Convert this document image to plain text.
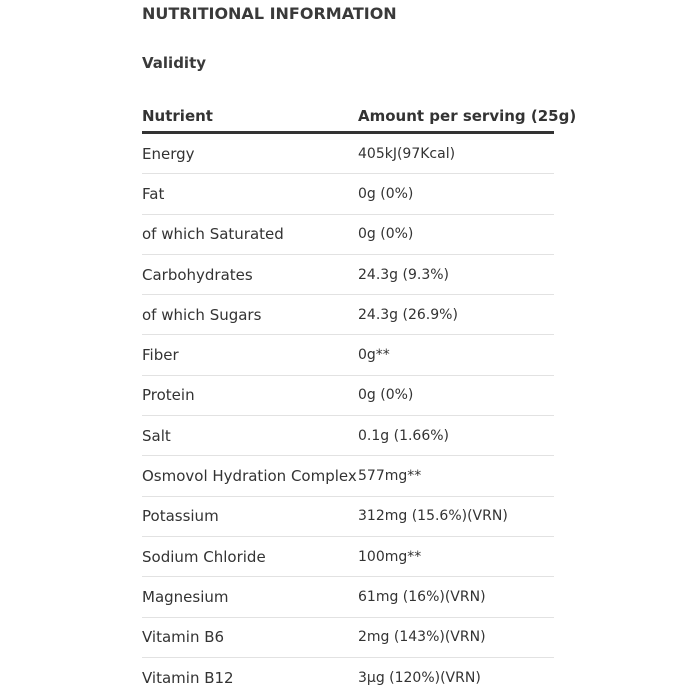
NUTRITIONAL INFORMATION
Validity
Nutrient	Amount per serving (25g)
Energy	405kJ(97Kcal)
Fat	0g (0%)
of which Saturated	0g (0%)
Carbohydrates	24.3g (9.3%)
of which Sugars	24.3g (26.9%)
Fiber	0g**
Protein	0g (0%)
Salt	0.1g (1.66%)
Osmovol Hydration Complex 577mg**
Potassium	312mg (15.6%)(VRN)
Sodium Chloride	100mg**
Magnesium	61mg (16%)(VRN)
Vitamin B6	2mg (143%)(VRN)
Vitamin B12	3μg (120%)(VRN)
